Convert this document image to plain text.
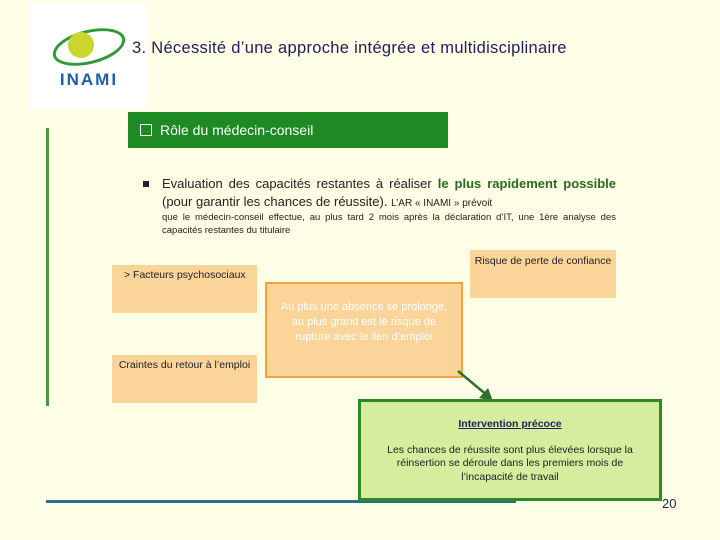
INAMI
3. Nécessité d’une approche intégrée et multidisciplinaire
Rôle du médecin-conseil
Evaluation des capacités restantes à réaliser le plus rapidement possible (pour garantir les chances de réussite). L’AR « INAMI » prévoit
que le médecin-conseil effectue, au plus tard 2 mois après la déclaration d’IT, une 1ère analyse des capacités restantes du titulaire
Risque de perte de confiance
> Facteurs psychosociaux
Craintes du retour à l’emploi
Au plus une absence se prolonge, au plus grand est le risque de rupture avec le lien d’emploi
Intervention précoce
Les chances de réussite sont plus élevées lorsque la réinsertion se déroule dans les premiers mois de l’incapacité de travail
20
